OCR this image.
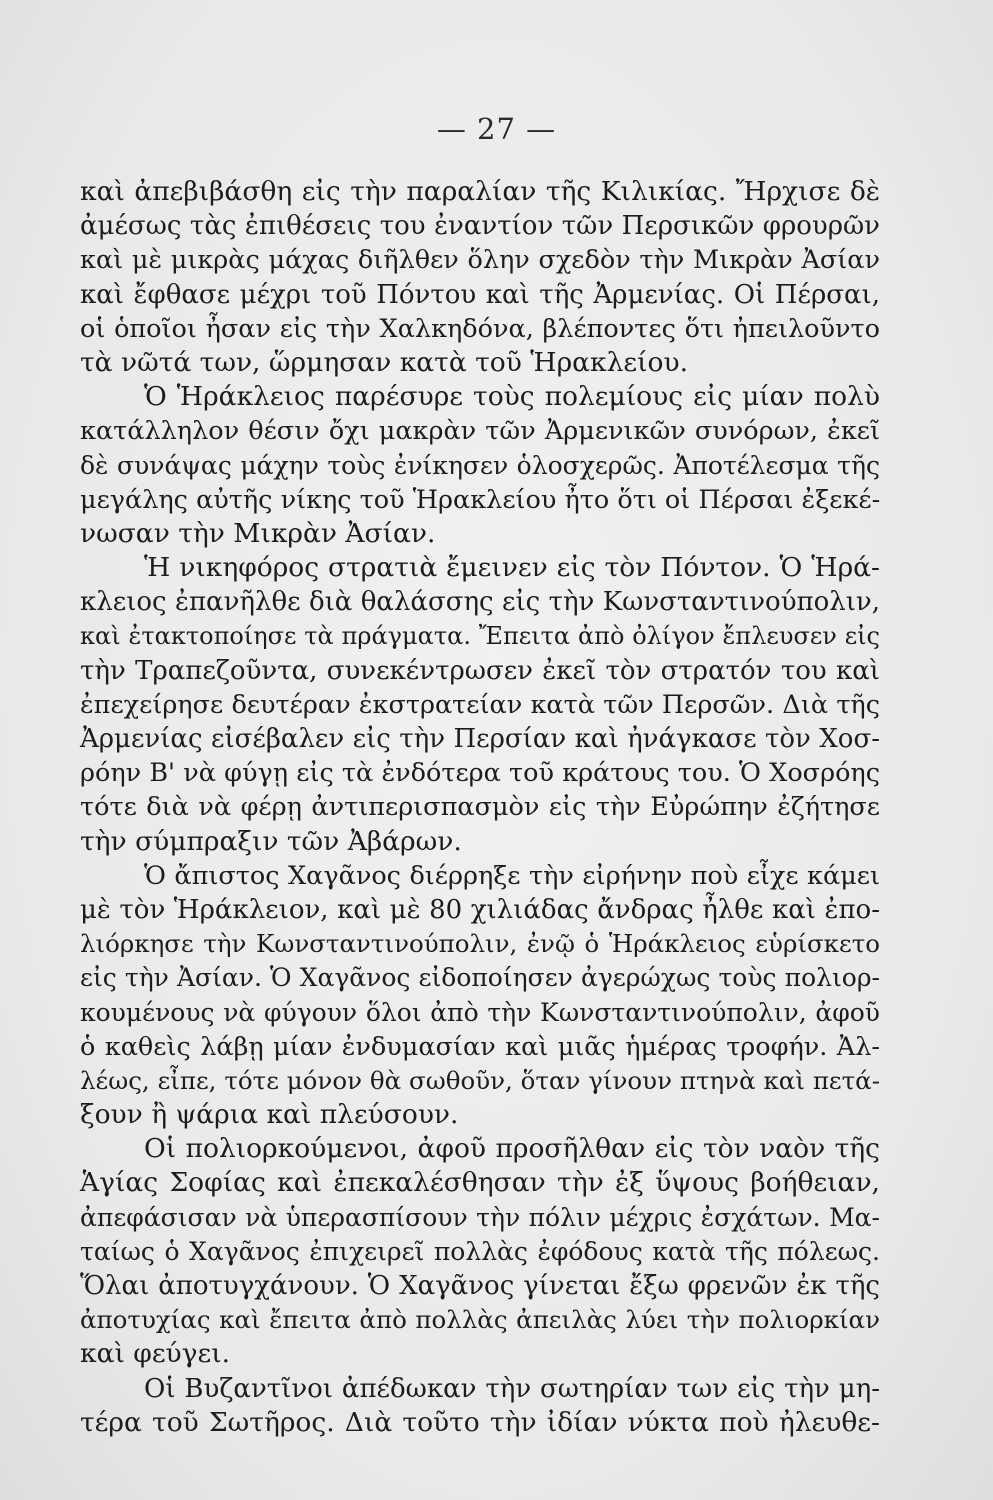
— 27 —
καὶ ἀπεβιβάσθη εἰς τὴν παραλίαν τῆς Κιλικίας. Ἤρχισε δὲ
ἀμέσως τὰς ἐπιθέσεις του ἐναντίον τῶν Περσικῶν φρουρῶν
καὶ μὲ μικρὰς μάχας διῆλθεν ὅλην σχεδὸν τὴν Μικρὰν Ἀσίαν
καὶ ἔφθασε μέχρι τοῦ Πόντου καὶ τῆς Ἀρμενίας. Οἱ Πέρσαι,
οἱ ὁποῖοι ἦσαν εἰς τὴν Χαλκηδόνα, βλέποντες ὅτι ἠπειλοῦντο
τὰ νῶτά των, ὥρμησαν κατὰ τοῦ Ἡρακλείου.
Ὁ Ἡράκλειος παρέσυρε τοὺς πολεμίους εἰς μίαν πολὺ
κατάλληλον θέσιν ὄχι μακρὰν τῶν Ἀρμενικῶν συνόρων, ἐκεῖ
δὲ συνάψας μάχην τοὺς ἐνίκησεν ὁλοσχερῶς. Ἀποτέλεσμα τῆς
μεγάλης αὐτῆς νίκης τοῦ Ἡρακλείου ἦτο ὅτι οἱ Πέρσαι ἐξεκέ-
νωσαν τὴν Μικρὰν Ἀσίαν.
Ἡ νικηφόρος στρατιὰ ἔμεινεν εἰς τὸν Πόντον. Ὁ Ἡρά-
κλειος ἐπανῆλθε διὰ θαλάσσης εἰς τὴν Κωνσταντινούπολιν,
καὶ ἐτακτοποίησε τὰ πράγματα. Ἔπειτα ἀπὸ ὀλίγον ἔπλευσεν εἰς
τὴν Τραπεζοῦντα, συνεκέντρωσεν ἐκεῖ τὸν στρατόν του καὶ
ἐπεχείρησε δευτέραν ἐκστρατείαν κατὰ τῶν Περσῶν. Διὰ τῆς
Ἀρμενίας εἰσέβαλεν εἰς τὴν Περσίαν καὶ ἠνάγκασε τὸν Χοσ-
ρόην Β' νὰ φύγῃ εἰς τὰ ἐνδότερα τοῦ κράτους του. Ὁ Χοσρόης
τότε διὰ νὰ φέρῃ ἀντιπερισπασμὸν εἰς τὴν Εὐρώπην ἐζήτησε
τὴν σύμπραξιν τῶν Ἀβάρων.
Ὁ ἄπιστος Χαγᾶνος διέρρηξε τὴν εἰρήνην ποὺ εἶχε κάμει
μὲ τὸν Ἡράκλειον, καὶ μὲ 80 χιλιάδας ἄνδρας ἦλθε καὶ ἐπο-
λιόρκησε τὴν Κωνσταντινούπολιν, ἐνῷ ὁ Ἡράκλειος εὑρίσκετο
εἰς τὴν Ἀσίαν. Ὁ Χαγᾶνος εἰδοποίησεν ἀγερώχως τοὺς πολιορ-
κουμένους νὰ φύγουν ὅλοι ἀπὸ τὴν Κωνσταντινούπολιν, ἀφοῦ
ὁ καθεὶς λάβῃ μίαν ἐνδυμασίαν καὶ μιᾶς ἡμέρας τροφήν. Ἀλ-
λέως, εἶπε, τότε μόνον θὰ σωθοῦν, ὅταν γίνουν πτηνὰ καὶ πετά-
ξουν ἢ ψάρια καὶ πλεύσουν.
Οἱ πολιορκούμενοι, ἀφοῦ προσῆλθαν εἰς τὸν ναὸν τῆς
Ἁγίας Σοφίας καὶ ἐπεκαλέσθησαν τὴν ἐξ ὕψους βοήθειαν,
ἀπεφάσισαν νὰ ὑπερασπίσουν τὴν πόλιν μέχρις ἐσχάτων. Μα-
ταίως ὁ Χαγᾶνος ἐπιχειρεῖ πολλὰς ἐφόδους κατὰ τῆς πόλεως.
Ὅλαι ἀποτυγχάνουν. Ὁ Χαγᾶνος γίνεται ἔξω φρενῶν ἐκ τῆς
ἀποτυχίας καὶ ἔπειτα ἀπὸ πολλὰς ἀπειλὰς λύει τὴν πολιορκίαν
καὶ φεύγει.
Οἱ Βυζαντῖνοι ἀπέδωκαν τὴν σωτηρίαν των εἰς τὴν μη-
τέρα τοῦ Σωτῆρος. Διὰ τοῦτο τὴν ἰδίαν νύκτα ποὺ ἠλευθε-
